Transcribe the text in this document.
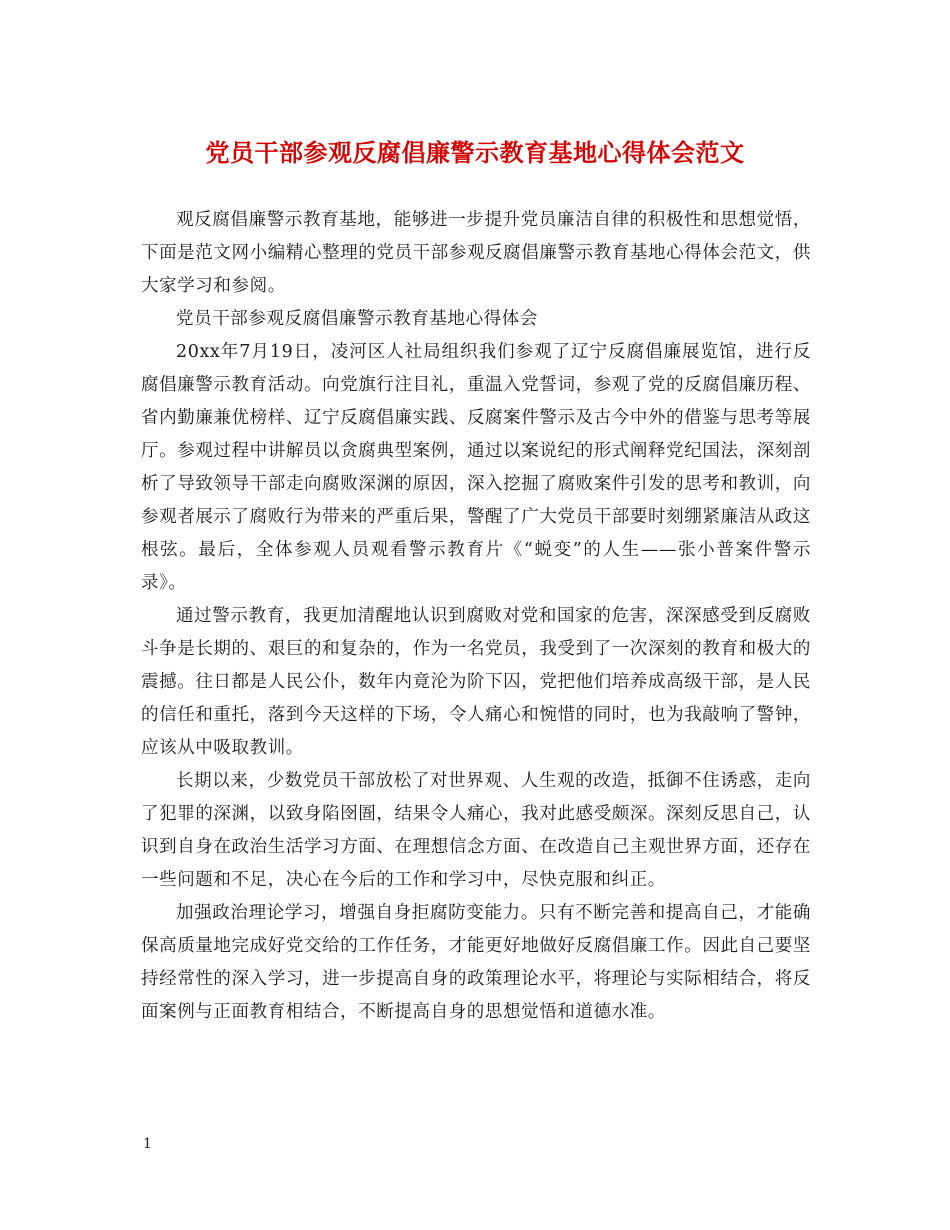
党员干部参观反腐倡廉警示教育基地心得体会范文

观反腐倡廉警示教育基地，能够进一步提升党员廉洁自律的积极性和思想觉悟，下面是范文网小编精心整理的党员干部参观反腐倡廉警示教育基地心得体会范文，供大家学习和参阅。

党员干部参观反腐倡廉警示教育基地心得体会

20xx年7月19日，凌河区人社局组织我们参观了辽宁反腐倡廉展览馆，进行反腐倡廉警示教育活动。向党旗行注目礼，重温入党誓词，参观了党的反腐倡廉历程、省内勤廉兼优榜样、辽宁反腐倡廉实践、反腐案件警示及古今中外的借鉴与思考等展厅。参观过程中讲解员以贪腐典型案例，通过以案说纪的形式阐释党纪国法，深刻剖析了导致领导干部走向腐败深渊的原因，深入挖掘了腐败案件引发的思考和教训，向参观者展示了腐败行为带来的严重后果，警醒了广大党员干部要时刻绷紧廉洁从政这根弦。最后，全体参观人员观看警示教育片《“蜕变”的人生——张小普案件警示录》。

通过警示教育，我更加清醒地认识到腐败对党和国家的危害，深深感受到反腐败斗争是长期的、艰巨的和复杂的，作为一名党员，我受到了一次深刻的教育和极大的震撼。往日都是人民公仆，数年内竟沦为阶下囚，党把他们培养成高级干部，是人民的信任和重托，落到今天这样的下场，令人痛心和惋惜的同时，也为我敲响了警钟，应该从中吸取教训。

长期以来，少数党员干部放松了对世界观、人生观的改造，抵御不住诱惑，走向了犯罪的深渊，以致身陷囹圄，结果令人痛心，我对此感受颇深。深刻反思自己，认识到自身在政治生活学习方面、在理想信念方面、在改造自己主观世界方面，还存在一些问题和不足，决心在今后的工作和学习中，尽快克服和纠正。

加强政治理论学习，增强自身拒腐防变能力。只有不断完善和提高自己，才能确保高质量地完成好党交给的工作任务，才能更好地做好反腐倡廉工作。因此自己要坚持经常性的深入学习，进一步提高自身的政策理论水平，将理论与实际相结合，将反面案例与正面教育相结合，不断提高自身的思想觉悟和道德水准。

1
